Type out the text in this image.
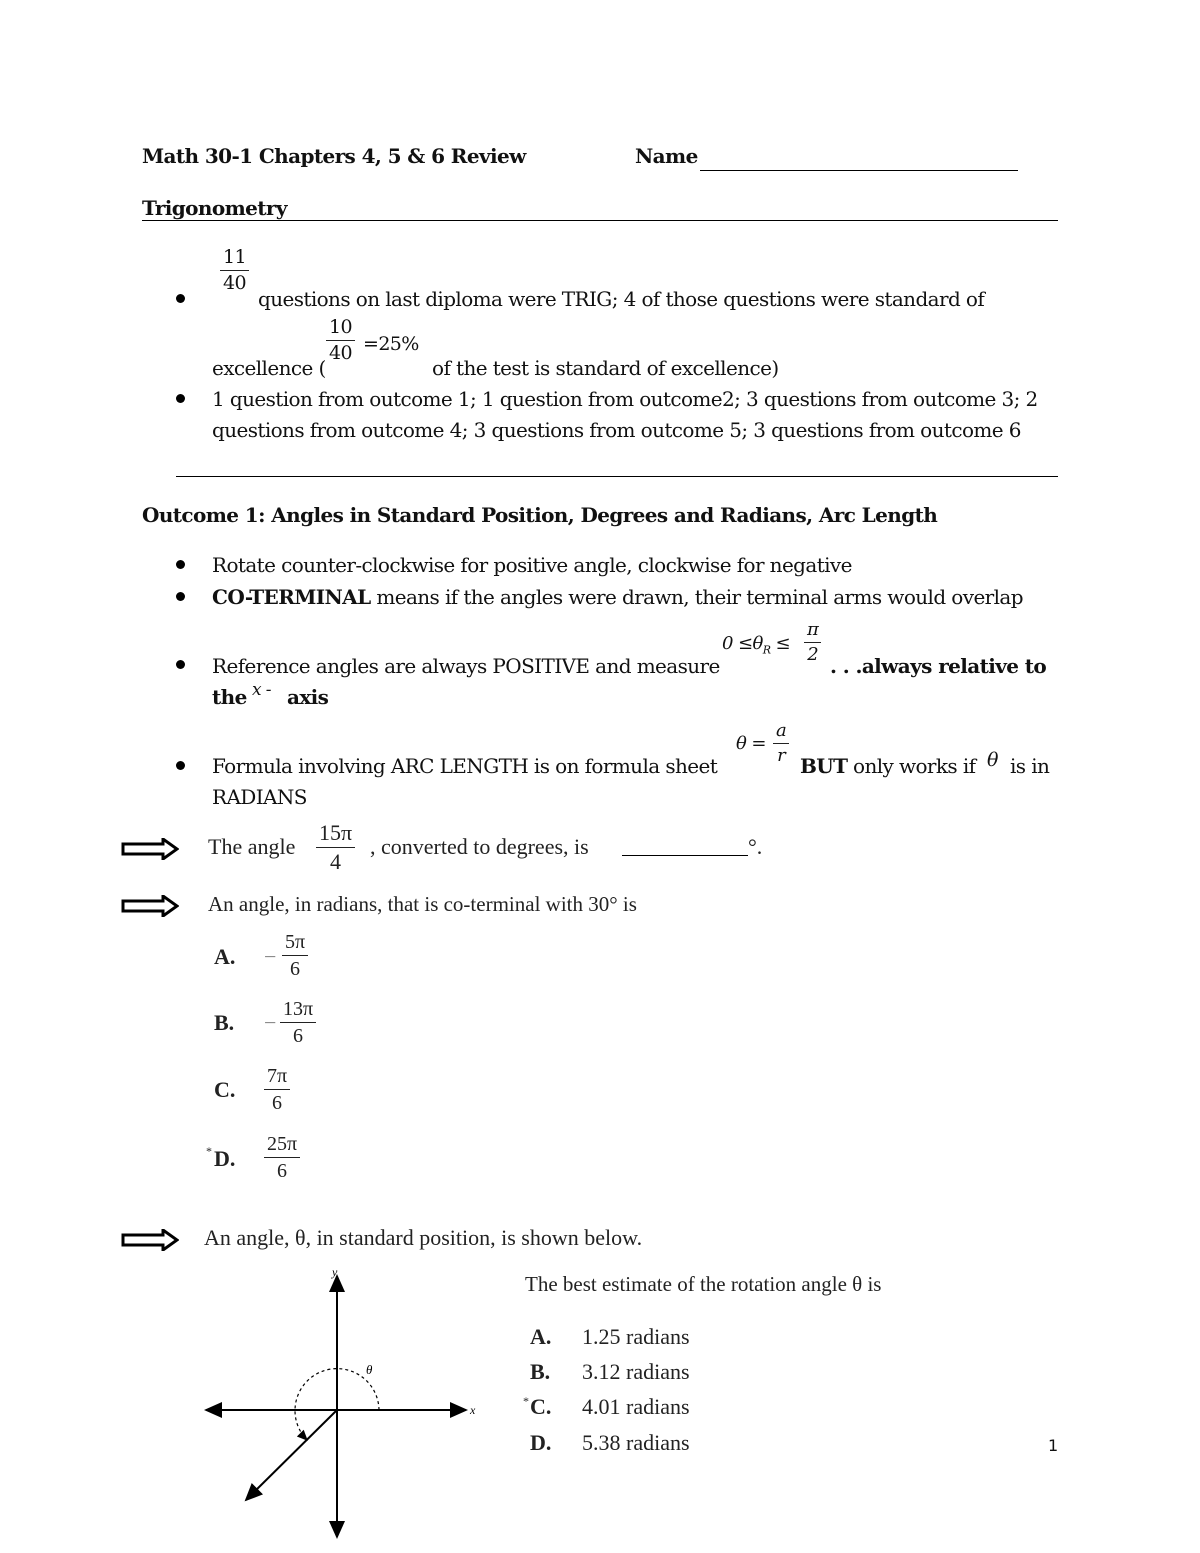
Math 30-1 Chapters 4, 5 & 6 Review	Name
Trigonometry
$\frac{11}{40}$
questions on last diploma were TRIG; 4 of those questions were standard of
$\frac{10}{40} =25\%$
excellence (	of the test is standard of excellence)
1 question from outcome 1; 1 question from outcome2; 3 questions from outcome 3; 2
questions from outcome 4; 3 questions from outcome 5; 3 questions from outcome 6
Outcome 1: Angles in Standard Position, Degrees and Radians, Arc Length
Rotate counter-clockwise for positive angle, clockwise for negative
CO-TERMINAL means if the angles were drawn, their terminal arms would overlap
Reference angles are always POSITIVE and measure
$0 \le\theta_R \le \frac{\pi}{2}$
. . .always relative to
the x - axis
Formula involving ARC LENGTH is on formula sheet
$\theta = \frac{a}{r}$
BUT only works if θ is in
RADIANS
The angle $\frac{15\pi}{4}$ , converted to degrees, is	°.
An angle, in radians, that is co-terminal with 30° is
A. − $\frac{5\pi}{6}$
B. − $\frac{13\pi}{6}$
C. $\frac{7\pi}{6}$
* D. $\frac{25\pi}{6}$
An angle, θ, in standard position, is shown below.
y
x
θ
The best estimate of the rotation angle θ is
A. 1.25 radians
B. 3.12 radians
* C. 4.01 radians
D. 5.38 radians	1
